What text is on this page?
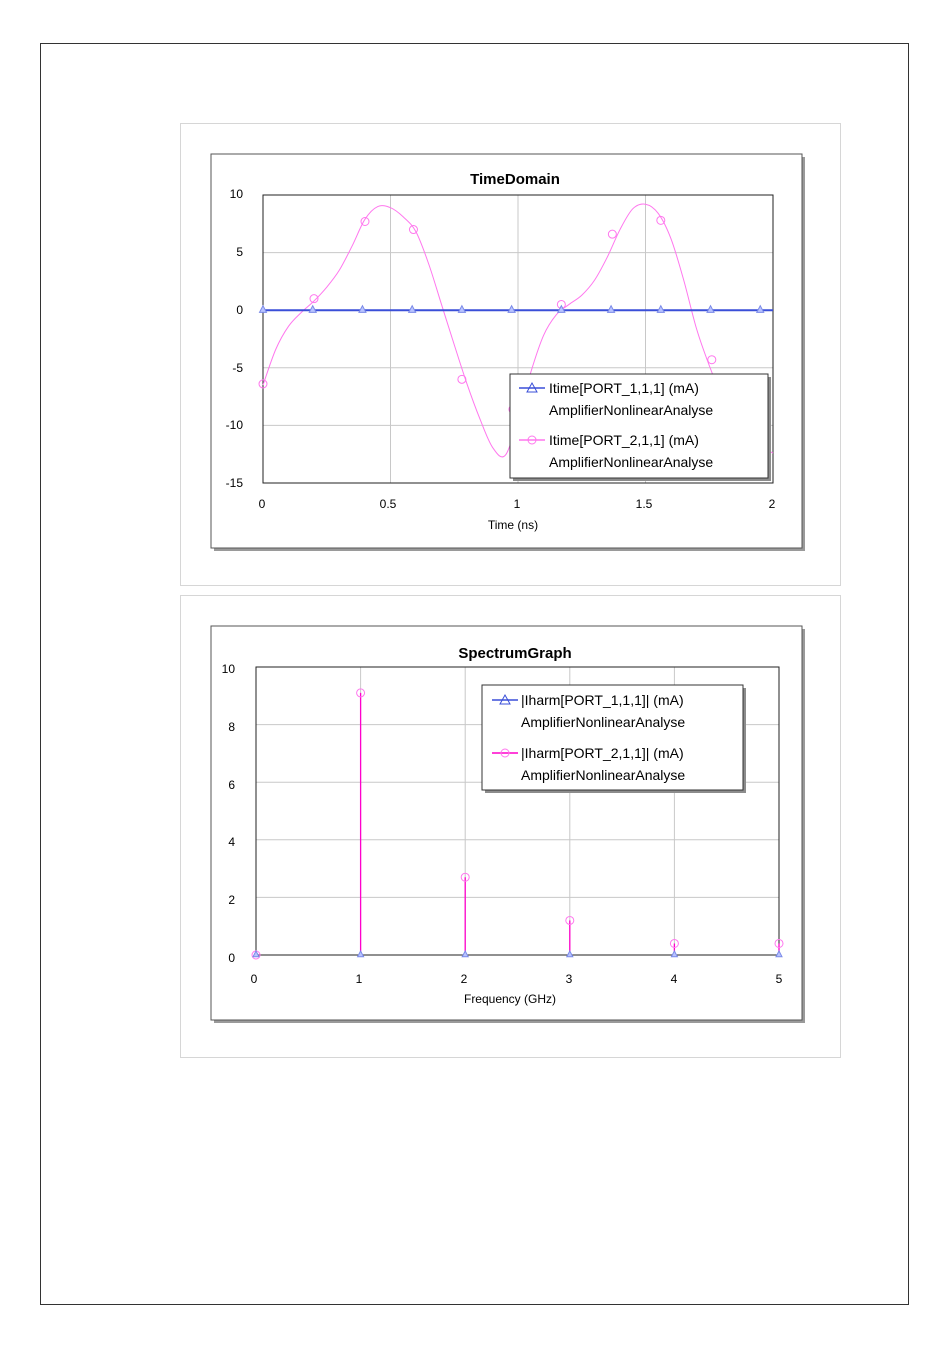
TimeDomain
10
5
0
-5
-10
-15
0	0.5	1	1.5	2
Time (ns)
Itime[PORT_1,1,1] (mA)
AmplifierNonlinearAnalyse
Itime[PORT_2,1,1] (mA)
AmplifierNonlinearAnalyse
SpectrumGraph
10
8
6
4
2
0
0	1	2	3	4	5
Frequency (GHz)
|Iharm[PORT_1,1,1]| (mA)
AmplifierNonlinearAnalyse
|Iharm[PORT_2,1,1]| (mA)
AmplifierNonlinearAnalyse
